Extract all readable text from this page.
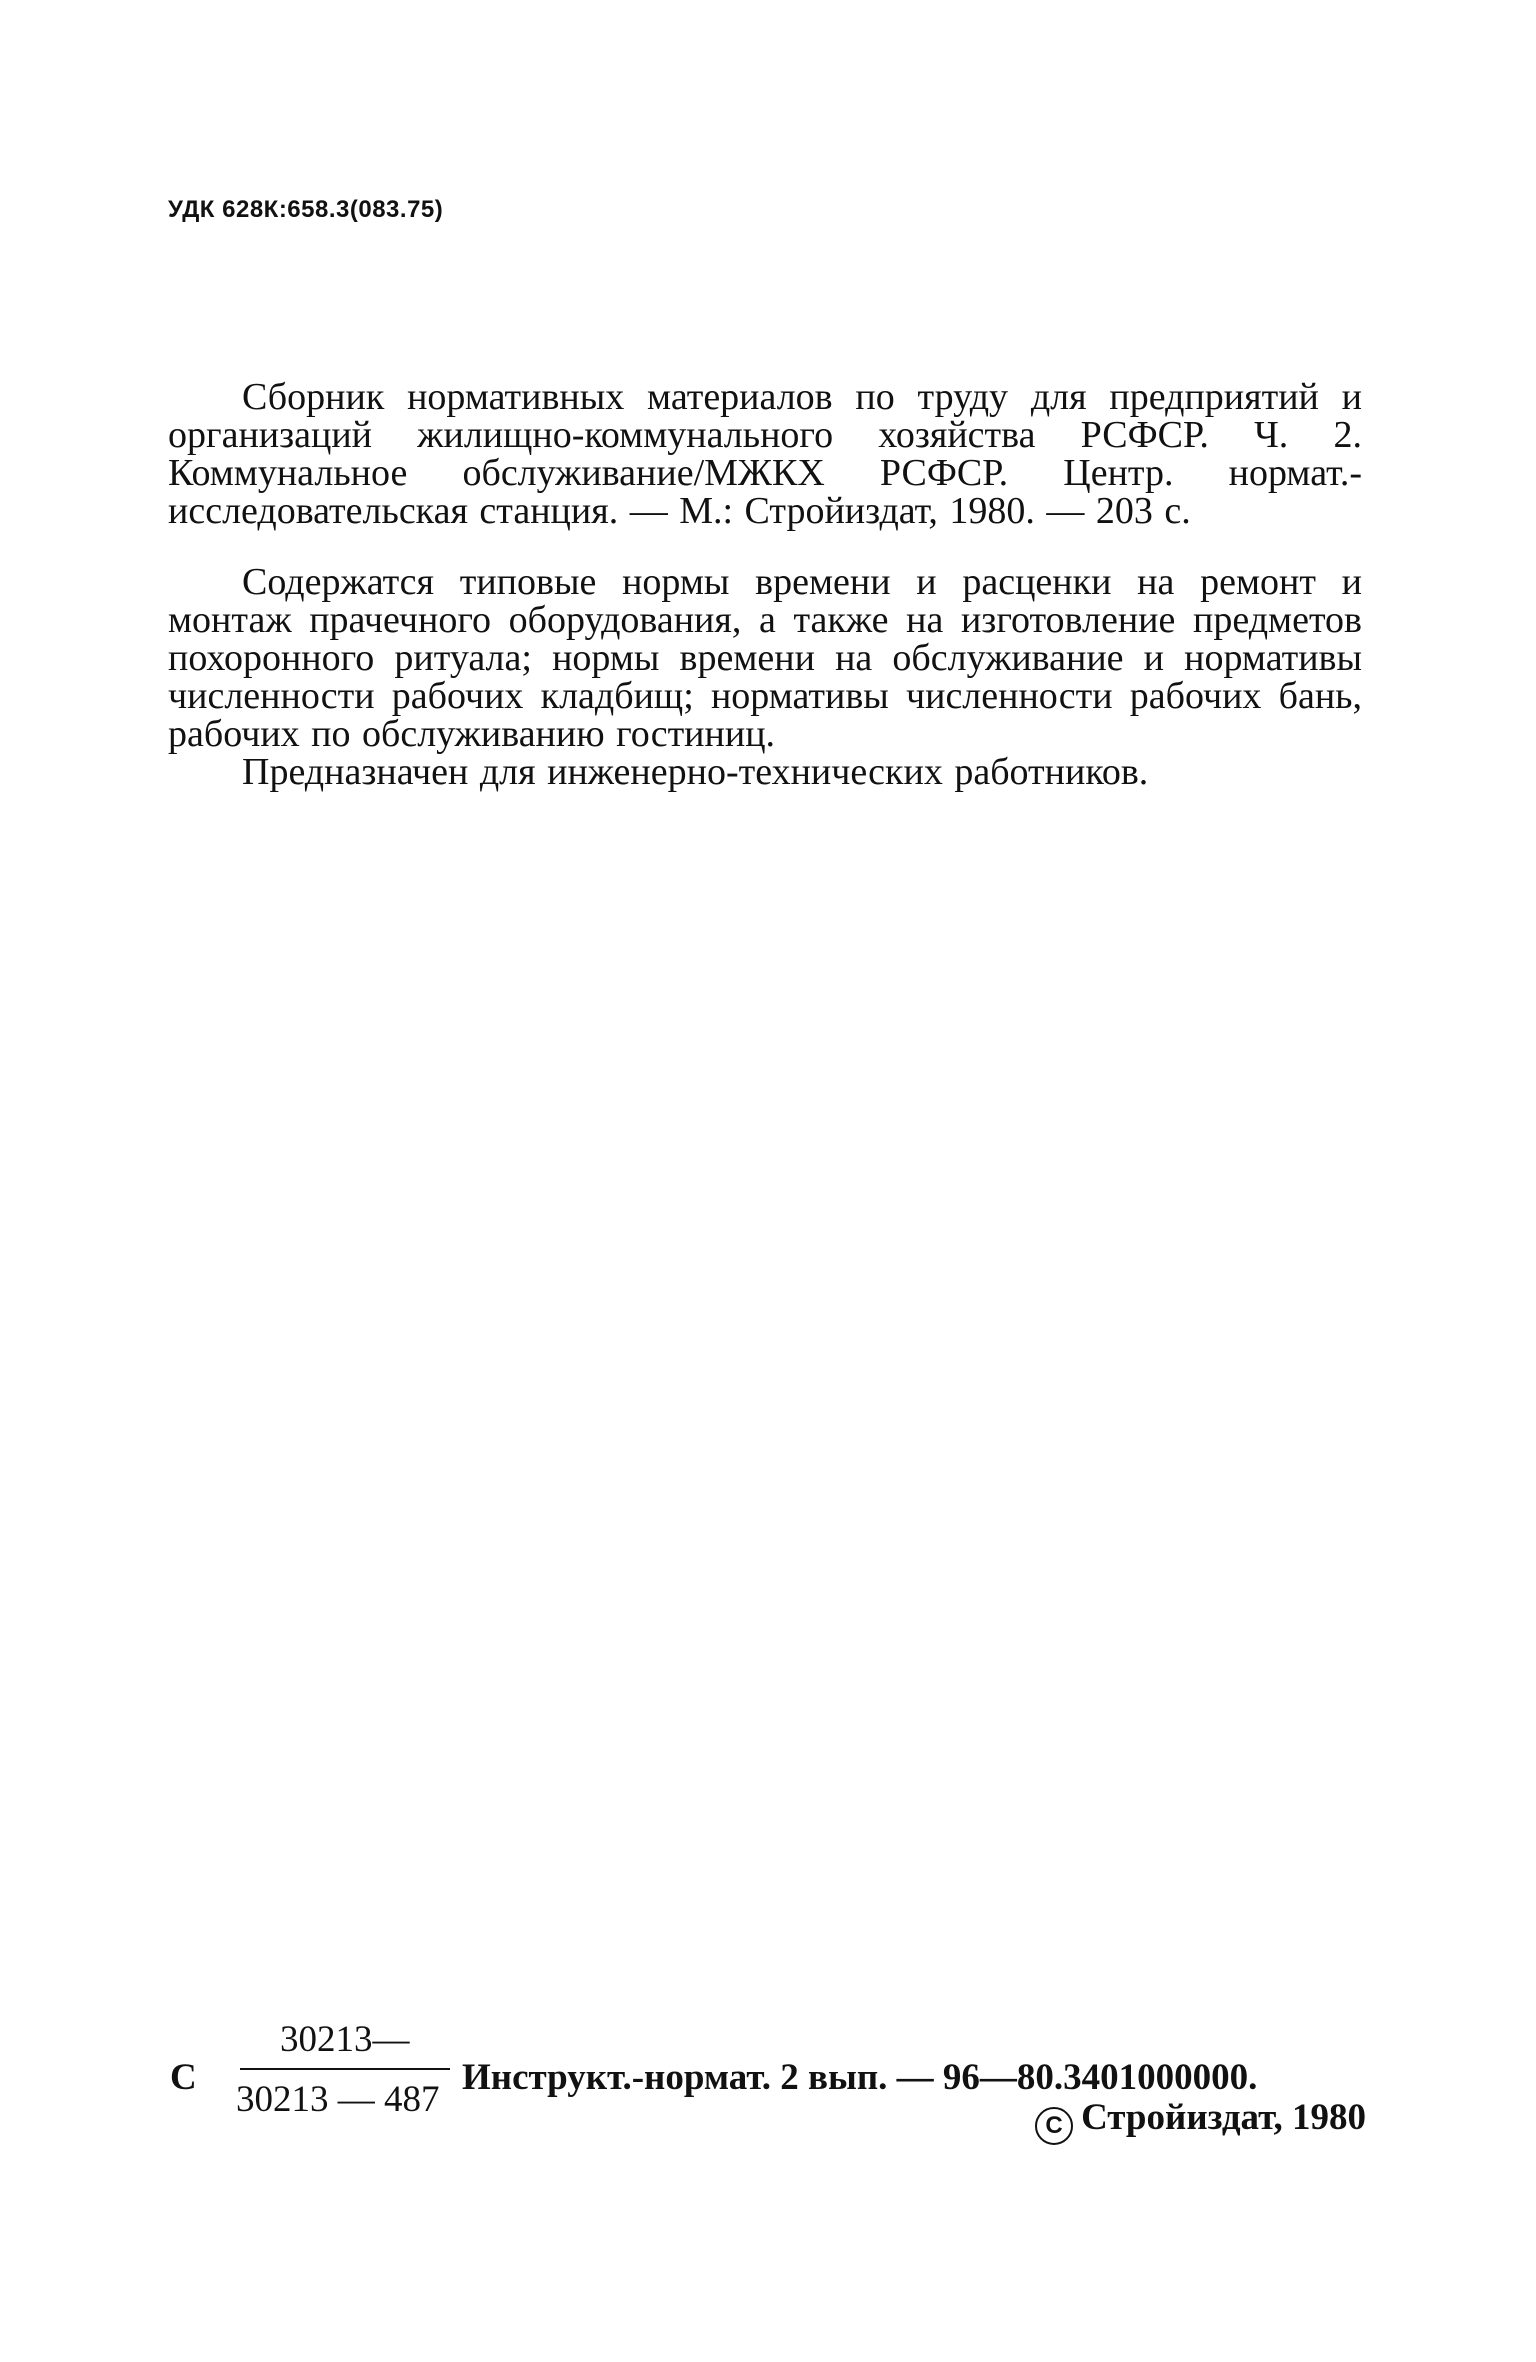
УДК 628К:658.3(083.75)

Сборник нормативных материалов по труду для предприятий и организаций жилищно-коммунального хозяйства РСФСР. Ч. 2. Коммунальное обслуживание/МЖКХ РСФСР. Центр. нормат.-исследовательская станция. — М.: Стройиздат, 1980. — 203 с.

Содержатся типовые нормы времени и расценки на ремонт и монтаж прачечного оборудования, а также на изготовление предметов похоронного ритуала; нормы времени на обслуживание и нормативы численности рабочих кладбищ; нормативы численности рабочих бань, рабочих по обслуживанию гостиниц.

Предназначен для инженерно-технических работников.

С
30213—
30213 — 487
Инструкт.-нормат. 2 вып. — 96—80.3401000000.
С Стройиздат, 1980
